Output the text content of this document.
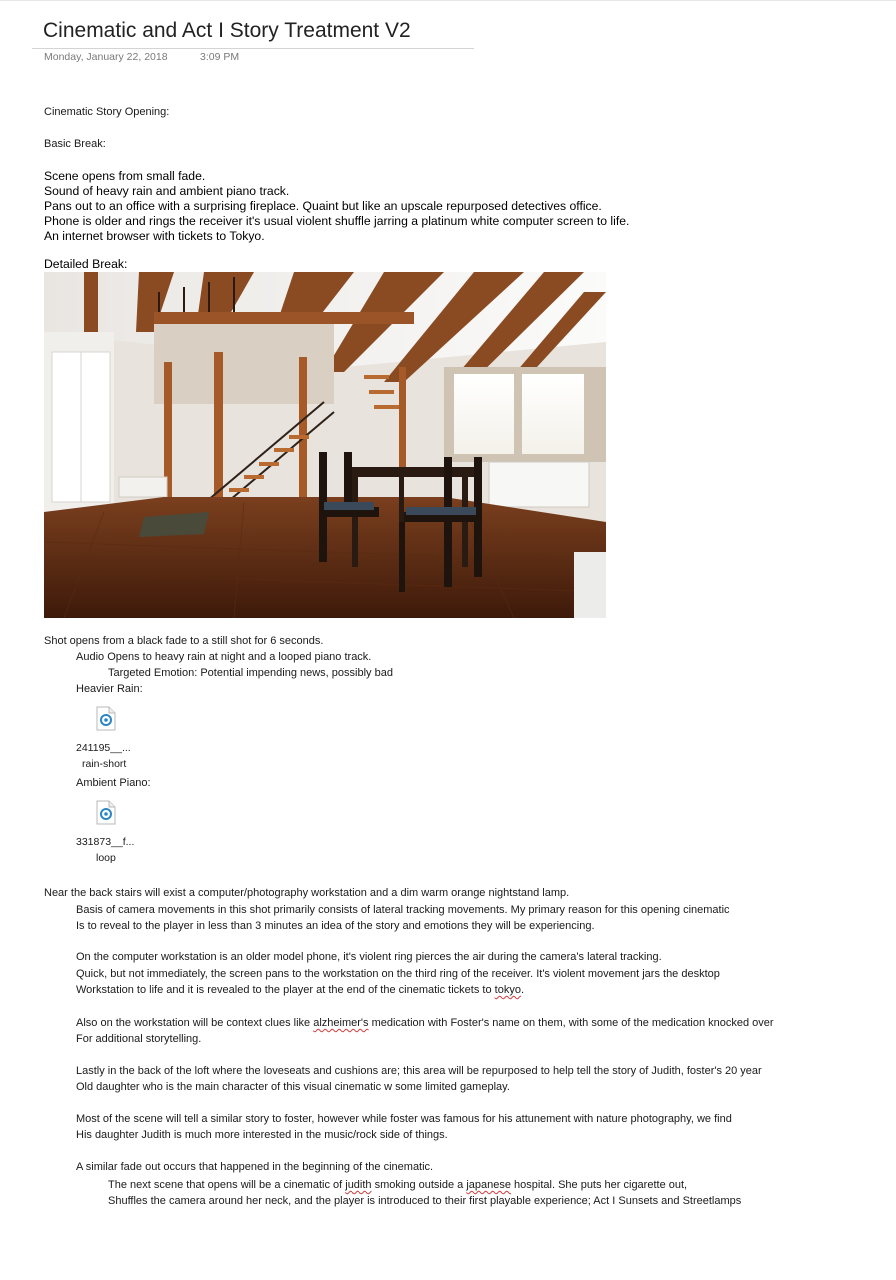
Cinematic and Act I Story Treatment V2
Monday, January 22, 2018	3:09 PM
Cinematic Story Opening:
Basic Break:
Scene opens from small fade.
Sound of heavy rain and ambient piano track.
Pans out to an office with a surprising fireplace. Quaint but like an upscale repurposed detectives office.
Phone is older and rings the receiver it's usual violent shuffle jarring a platinum white computer screen to life.
An internet browser with tickets to Tokyo.
Detailed Break:
Shot opens from a black fade to a still shot for 6 seconds.
Audio Opens to heavy rain at night and a looped piano track.
Targeted Emotion: Potential impending news, possibly bad
Heavier Rain:
241195__...
rain-short
Ambient Piano:
331873__f...
loop
Near the back stairs will exist a computer/photography workstation and a dim warm orange nightstand lamp.
Basis of camera movements in this shot primarily consists of lateral tracking movements. My primary reason for this opening cinematic
Is to reveal to the player in less than 3 minutes an idea of the story and emotions they will be experiencing.
On the computer workstation is an older model phone, it's violent ring pierces the air during the camera's lateral tracking.
Quick, but not immediately, the screen pans to the workstation on the third ring of the receiver. It's violent movement jars the desktop
Workstation to life and it is revealed to the player at the end of the cinematic tickets to tokyo.
Also on the workstation will be context clues like alzheimer's medication with Foster's name on them, with some of the medication knocked over
For additional storytelling.
Lastly in the back of the loft where the loveseats and cushions are; this area will be repurposed to help tell the story of Judith, foster's 20 year
Old daughter who is the main character of this visual cinematic w some limited gameplay.
Most of the scene will tell a similar story to foster, however while foster was famous for his attunement with nature photography, we find
His daughter Judith is much more interested in the music/rock side of things.
A similar fade out occurs that happened in the beginning of the cinematic.
The next scene that opens will be a cinematic of judith smoking outside a japanese hospital. She puts her cigarette out,
Shuffles the camera around her neck, and the player is introduced to their first playable experience; Act I Sunsets and Streetlamps
